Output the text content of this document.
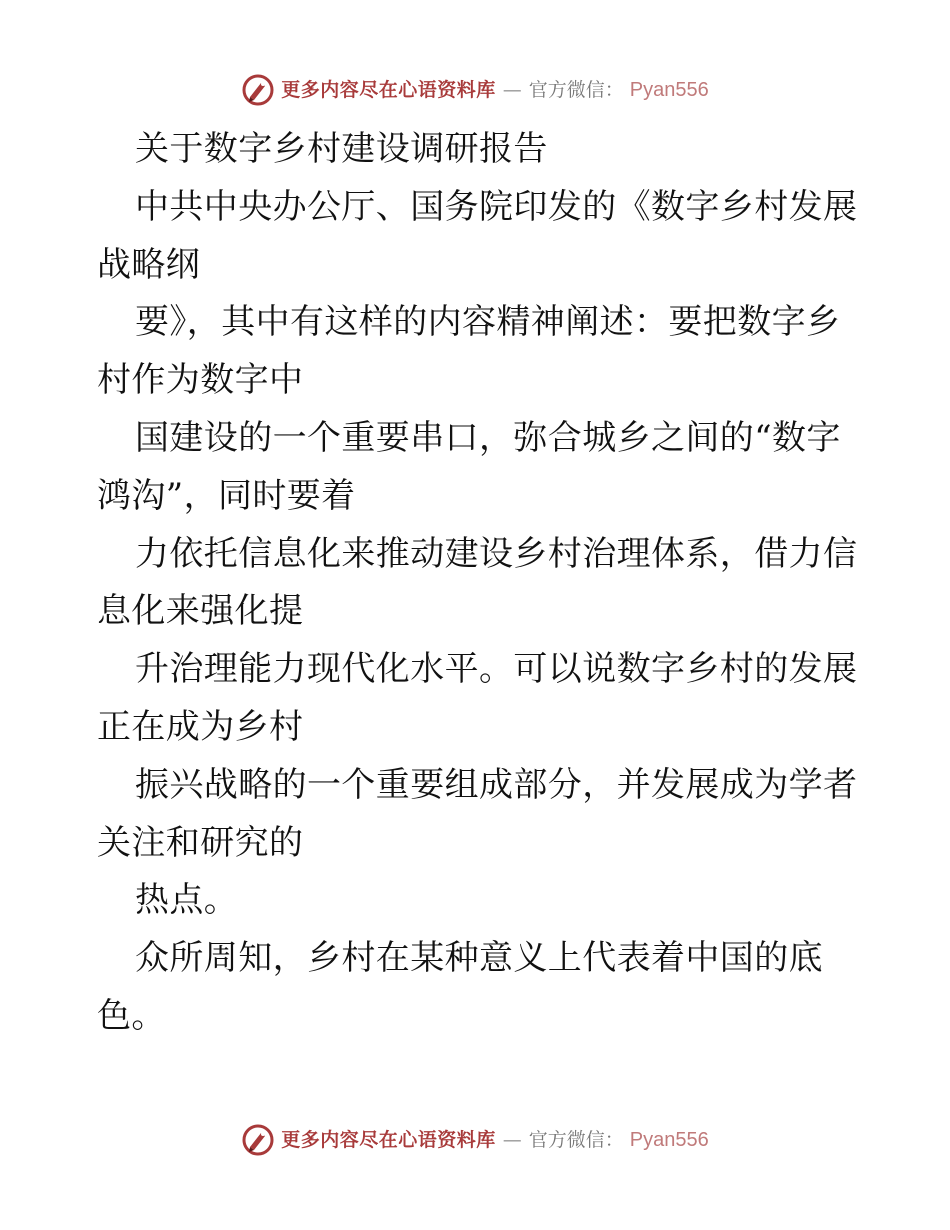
更多内容尽在心语资料库 — 官方微信： Pyan556
关于数字乡村建设调研报告
中共中央办公厅、国务院印发的《数字乡村发展
战略纲
要》，其中有这样的内容精神阐述：要把数字乡
村作为数字中
国建设的一个重要串口，弥合城乡之间的“数字
鸿沟”，同时要着
力依托信息化来推动建设乡村治理体系，借力信
息化来强化提
升治理能力现代化水平。可以说数字乡村的发展
正在成为乡村
振兴战略的一个重要组成部分，并发展成为学者
关注和研究的
热点。
众所周知，乡村在某种意义上代表着中国的底
色。
更多内容尽在心语资料库 — 官方微信： Pyan556
